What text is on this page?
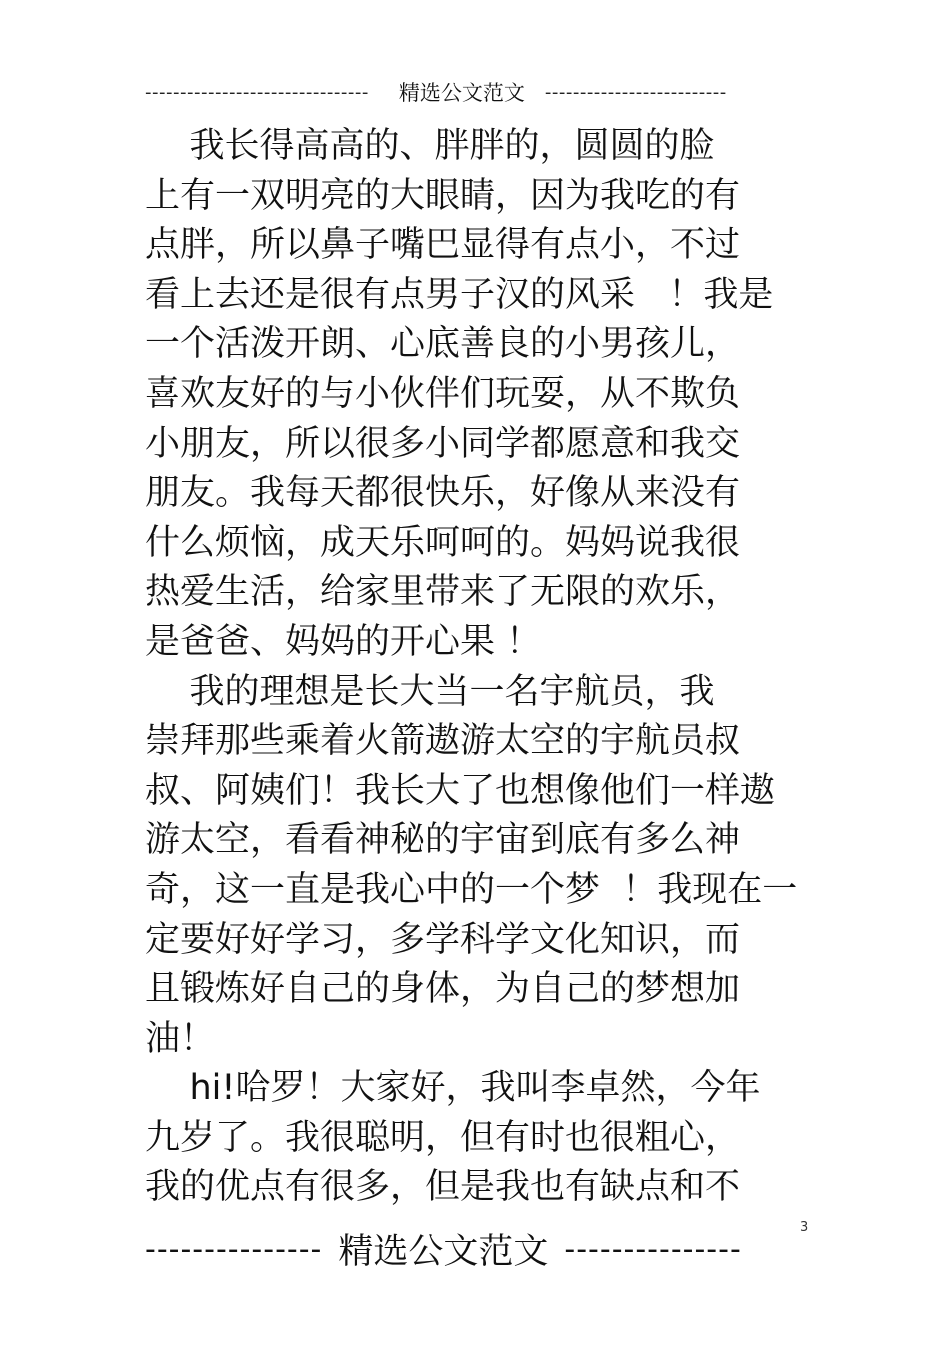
-------------------------------- 精选公文范文 --------------------------
我长得高高的、胖胖的，圆圆的脸
上有一双明亮的大眼睛，因为我吃的有
点胖，所以鼻子嘴巴显得有点小，不过
看上去还是很有点男子汉的风采   ！我是
一个活泼开朗、心底善良的小男孩儿，
喜欢友好的与小伙伴们玩耍，从不欺负
小朋友，所以很多小同学都愿意和我交
朋友。我每天都很快乐，好像从来没有
什么烦恼，成天乐呵呵的。妈妈说我很
热爱生活，给家里带来了无限的欢乐，
是爸爸、妈妈的开心果 ！
我的理想是长大当一名宇航员，我
崇拜那些乘着火箭遨游太空的宇航员叔
叔、阿姨们！我长大了也想像他们一样遨
游太空，看看神秘的宇宙到底有多么神
奇，这一直是我心中的一个梦  ！我现在一
定要好好学习，多学科学文化知识，而
且锻炼好自己的身体，为自己的梦想加
油！
hi!哈罗！大家好，我叫李卓然，今年
九岁了。我很聪明，但有时也很粗心，
我的优点有很多，但是我也有缺点和不
3
--------------- 精选公文范文 ---------------
